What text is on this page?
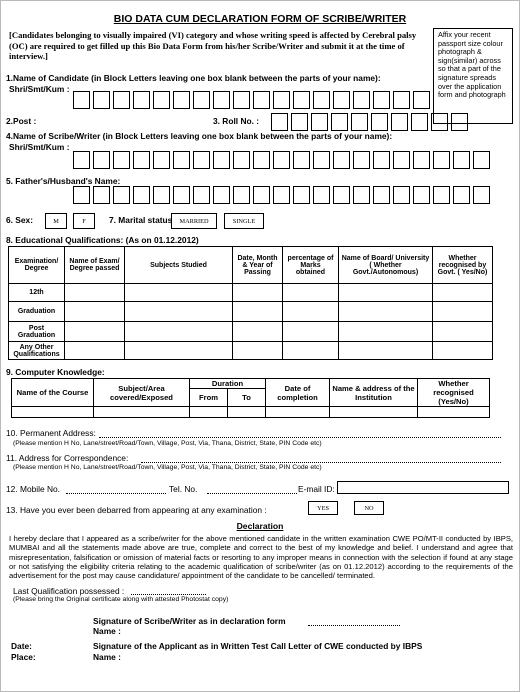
BIO DATA CUM DECLARATION FORM OF SCRIBE/WRITER
[Candidates belonging to visually impaired (VI) category and whose writing speed is affected by Cerebral palsy (OC) are required to get filled up this Bio Data Form from his/her Scribe/Writer and submit it at the time of interview.]
Affix your recent passport size colour photograph & sign(similar) across so that a part of the signature spreads over the application form and photograph
1.Name of Candidate (in Block Letters leaving one box blank between the parts of your name):
Shri/Smt/Kum :
2.Post :	3. Roll No. :
4.Name of Scribe/Writer (in Block Letters leaving one box blank between the parts of your name):
Shri/Smt/Kum :
5. Father's/Husband's Name:
6. Sex:	M	F	7. Marital status	MARRIED	SINGLE
8. Educational Qualifications: (As on 01.12.2012)
Examination/ Degree	Name of Exam/ Degree passed	Subjects Studied	Date, Month & Year of Passing	percentage of Marks obtained	Name of Board/ University ( Whether Govt./Autonomous)	Whether recognised by Govt. ( Yes/No)
12th						
Graduation						
Post Graduation						
Any Other Qualifications						
9. Computer Knowledge:
Name of the Course	Subject/Area covered/Exposed	Duration		Date of completion	Name & address of the Institution	Whether recognised (Yes/No)
		From	To			

10. Permanent Address:
(Please mention H No, Lane/street/Road/Town, Village, Post, Via, Thana, District, State, PIN Code etc)
11. Address for Correspondence:
(Please mention H No, Lane/street/Road/Town, Village, Post, Via, Thana, District, State, PIN Code etc)
12. Mobile No.	Tel. No.	E-mail ID:
13. Have you ever been debarred from appearing at any examination :	YES	NO
Declaration
I hereby declare that I appeared as a scribe/writer for the above mentioned candidate in the written examination CWE PO/MT-II conducted by IBPS, MUMBAI and all the statements made above are true, complete and correct to the best of my knowledge and belief. I understand and agree that misrepresentation, falsification or omission of material facts or resorting to any improper means in connection with the selection if found at any stage or not satisfying the eligibility criteria relating to the academic qualification of scribe/writer (as on 01.12.2012) according to the requirements of the advertisement for the post may cause candidature/ appointment of the candidate to be cancelled/ terminated.
Last Qualification possessed :
(Please bring the Original certificate along with attested Photostat copy)
Signature of Scribe/Writer as in declaration form
Name :
Date:	Signature of the Applicant as in Written Test Call Letter of CWE conducted by IBPS
Place:	Name :
